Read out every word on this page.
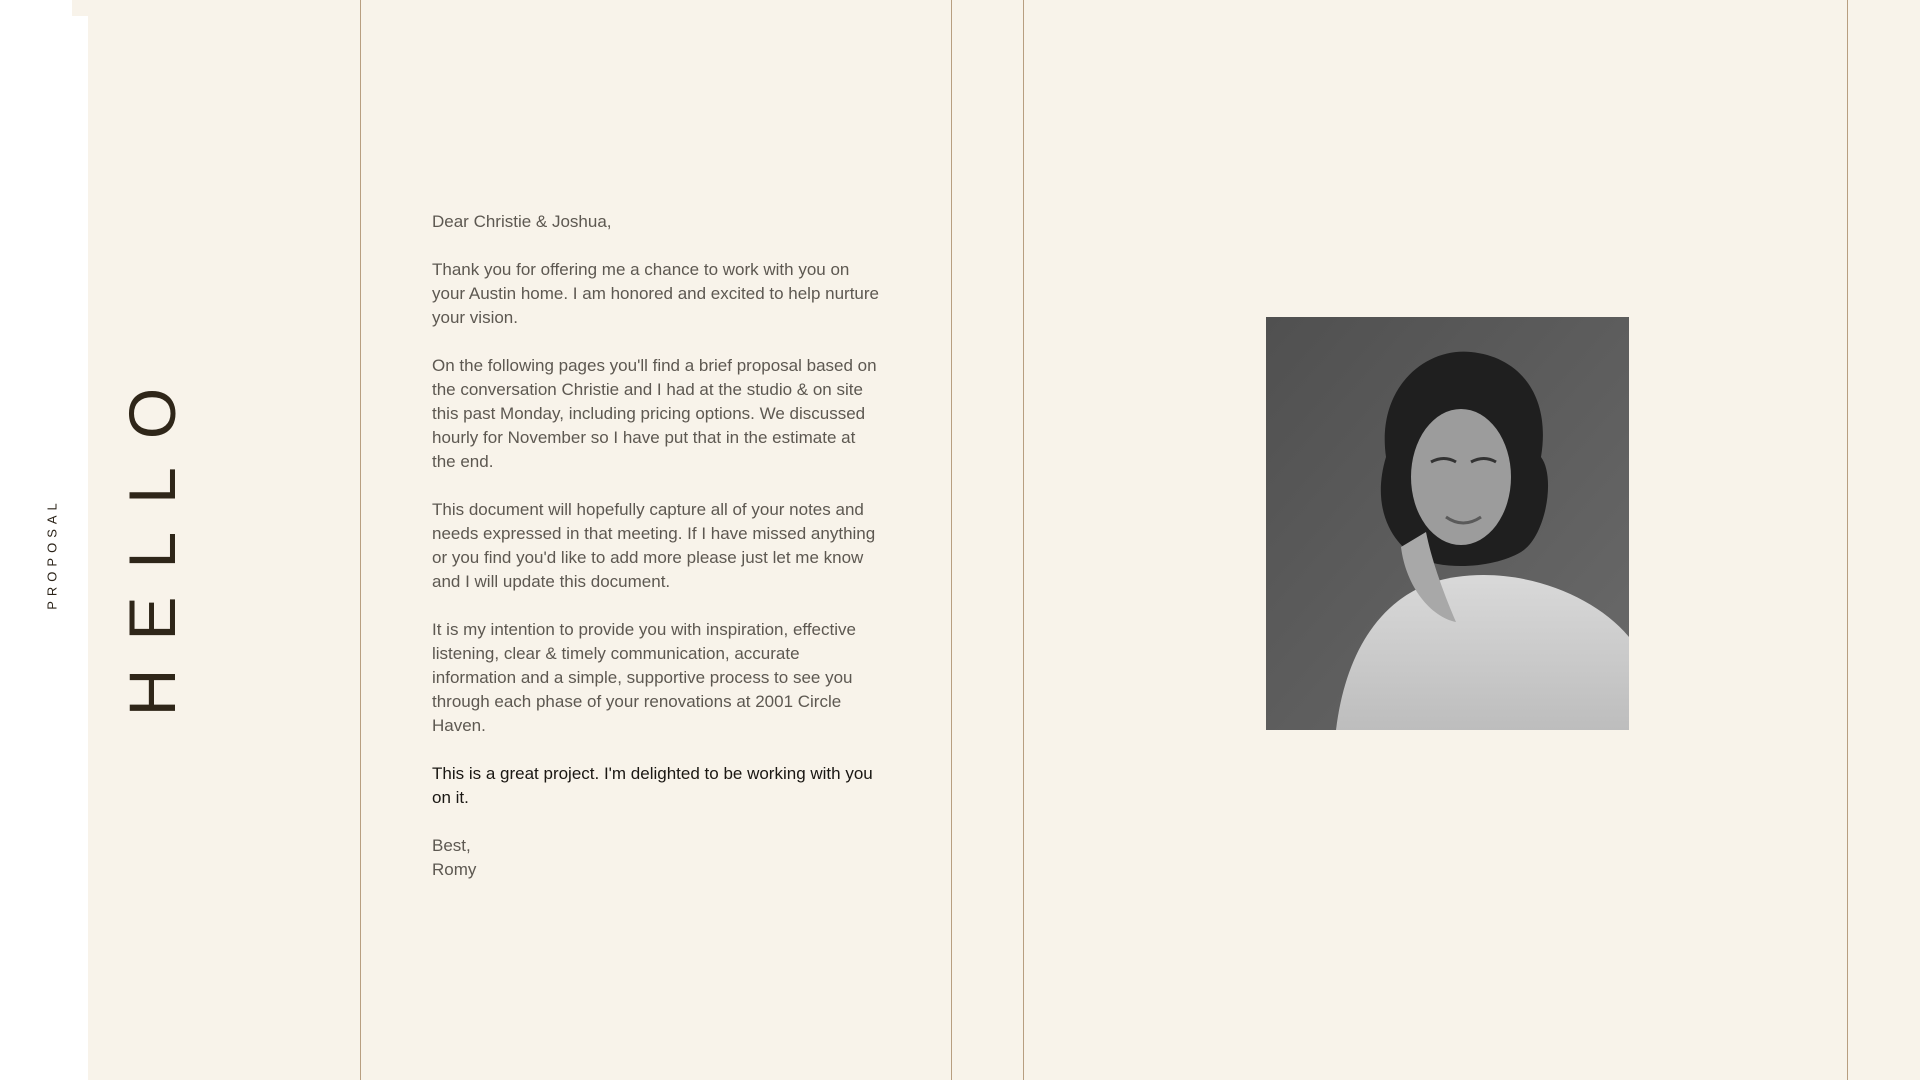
PROPOSAL HELLO

Dear Christie & Joshua,

Thank you for offering me a chance to work with you on your Austin home. I am honored and excited to help nurture your vision.

On the following pages you'll find a brief proposal based on the conversation Christie and I had at the studio & on site this past Monday, including pricing options. We discussed hourly for November so I have put that in the estimate at the end.

This document will hopefully capture all of your notes and needs expressed in that meeting. If I have missed anything or you find you'd like to add more please just let me know and I will update this document.

It is my intention to provide you with inspiration, effective listening, clear & timely communication, accurate information and a simple, supportive process to see you through each phase of your renovations at 2001 Circle Haven.

This is a great project. I'm delighted to be working with you on it.

Best,

Romy
